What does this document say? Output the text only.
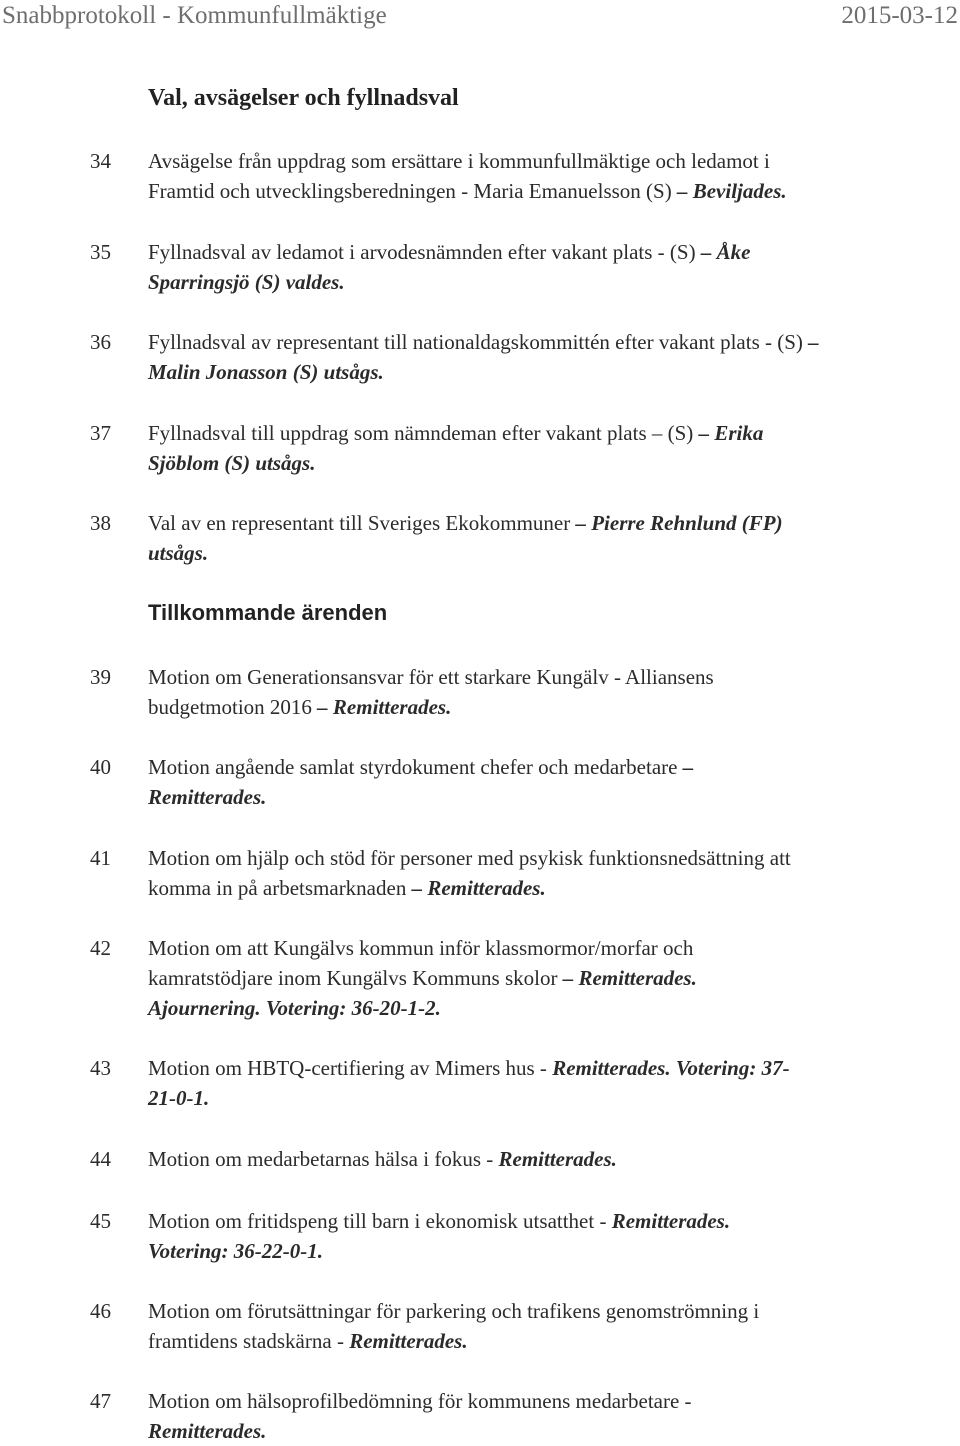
Snabbprotokoll - Kommunfullmäktige	2015-03-12
Val, avsägelser och fyllnadsval
34 Avsägelse från uppdrag som ersättare i kommunfullmäktige och ledamot i
Framtid och utvecklingsberedningen - Maria Emanuelsson (S) – Beviljades.
35 Fyllnadsval av ledamot i arvodesnämnden efter vakant plats - (S) – Åke
Sparringsjö (S) valdes.
36 Fyllnadsval av representant till nationaldagskommittén efter vakant plats - (S) –
Malin Jonasson (S) utsågs.
37 Fyllnadsval till uppdrag som nämndeman efter vakant plats – (S) – Erika
Sjöblom (S) utsågs.
38 Val av en representant till Sveriges Ekokommuner – Pierre Rehnlund (FP)
utsågs.
Tillkommande ärenden
39 Motion om Generationsansvar för ett starkare Kungälv - Alliansens
budgetmotion 2016 – Remitterades.
40 Motion angående samlat styrdokument chefer och medarbetare –
Remitterades.
41 Motion om hjälp och stöd för personer med psykisk funktionsnedsättning att
komma in på arbetsmarknaden – Remitterades.
42 Motion om att Kungälvs kommun inför klassmormor/morfar och
kamratstödjare inom Kungälvs Kommuns skolor – Remitterades.
Ajournering. Votering: 36-20-1-2.
43 Motion om HBTQ-certifiering av Mimers hus - Remitterades. Votering: 37-
21-0-1.
44 Motion om medarbetarnas hälsa i fokus - Remitterades.
45 Motion om fritidspeng till barn i ekonomisk utsatthet - Remitterades.
Votering: 36-22-0-1.
46 Motion om förutsättningar för parkering och trafikens genomströmning i
framtidens stadskärna - Remitterades.
47 Motion om hälsoprofilbedömning för kommunens medarbetare -
Remitterades.
